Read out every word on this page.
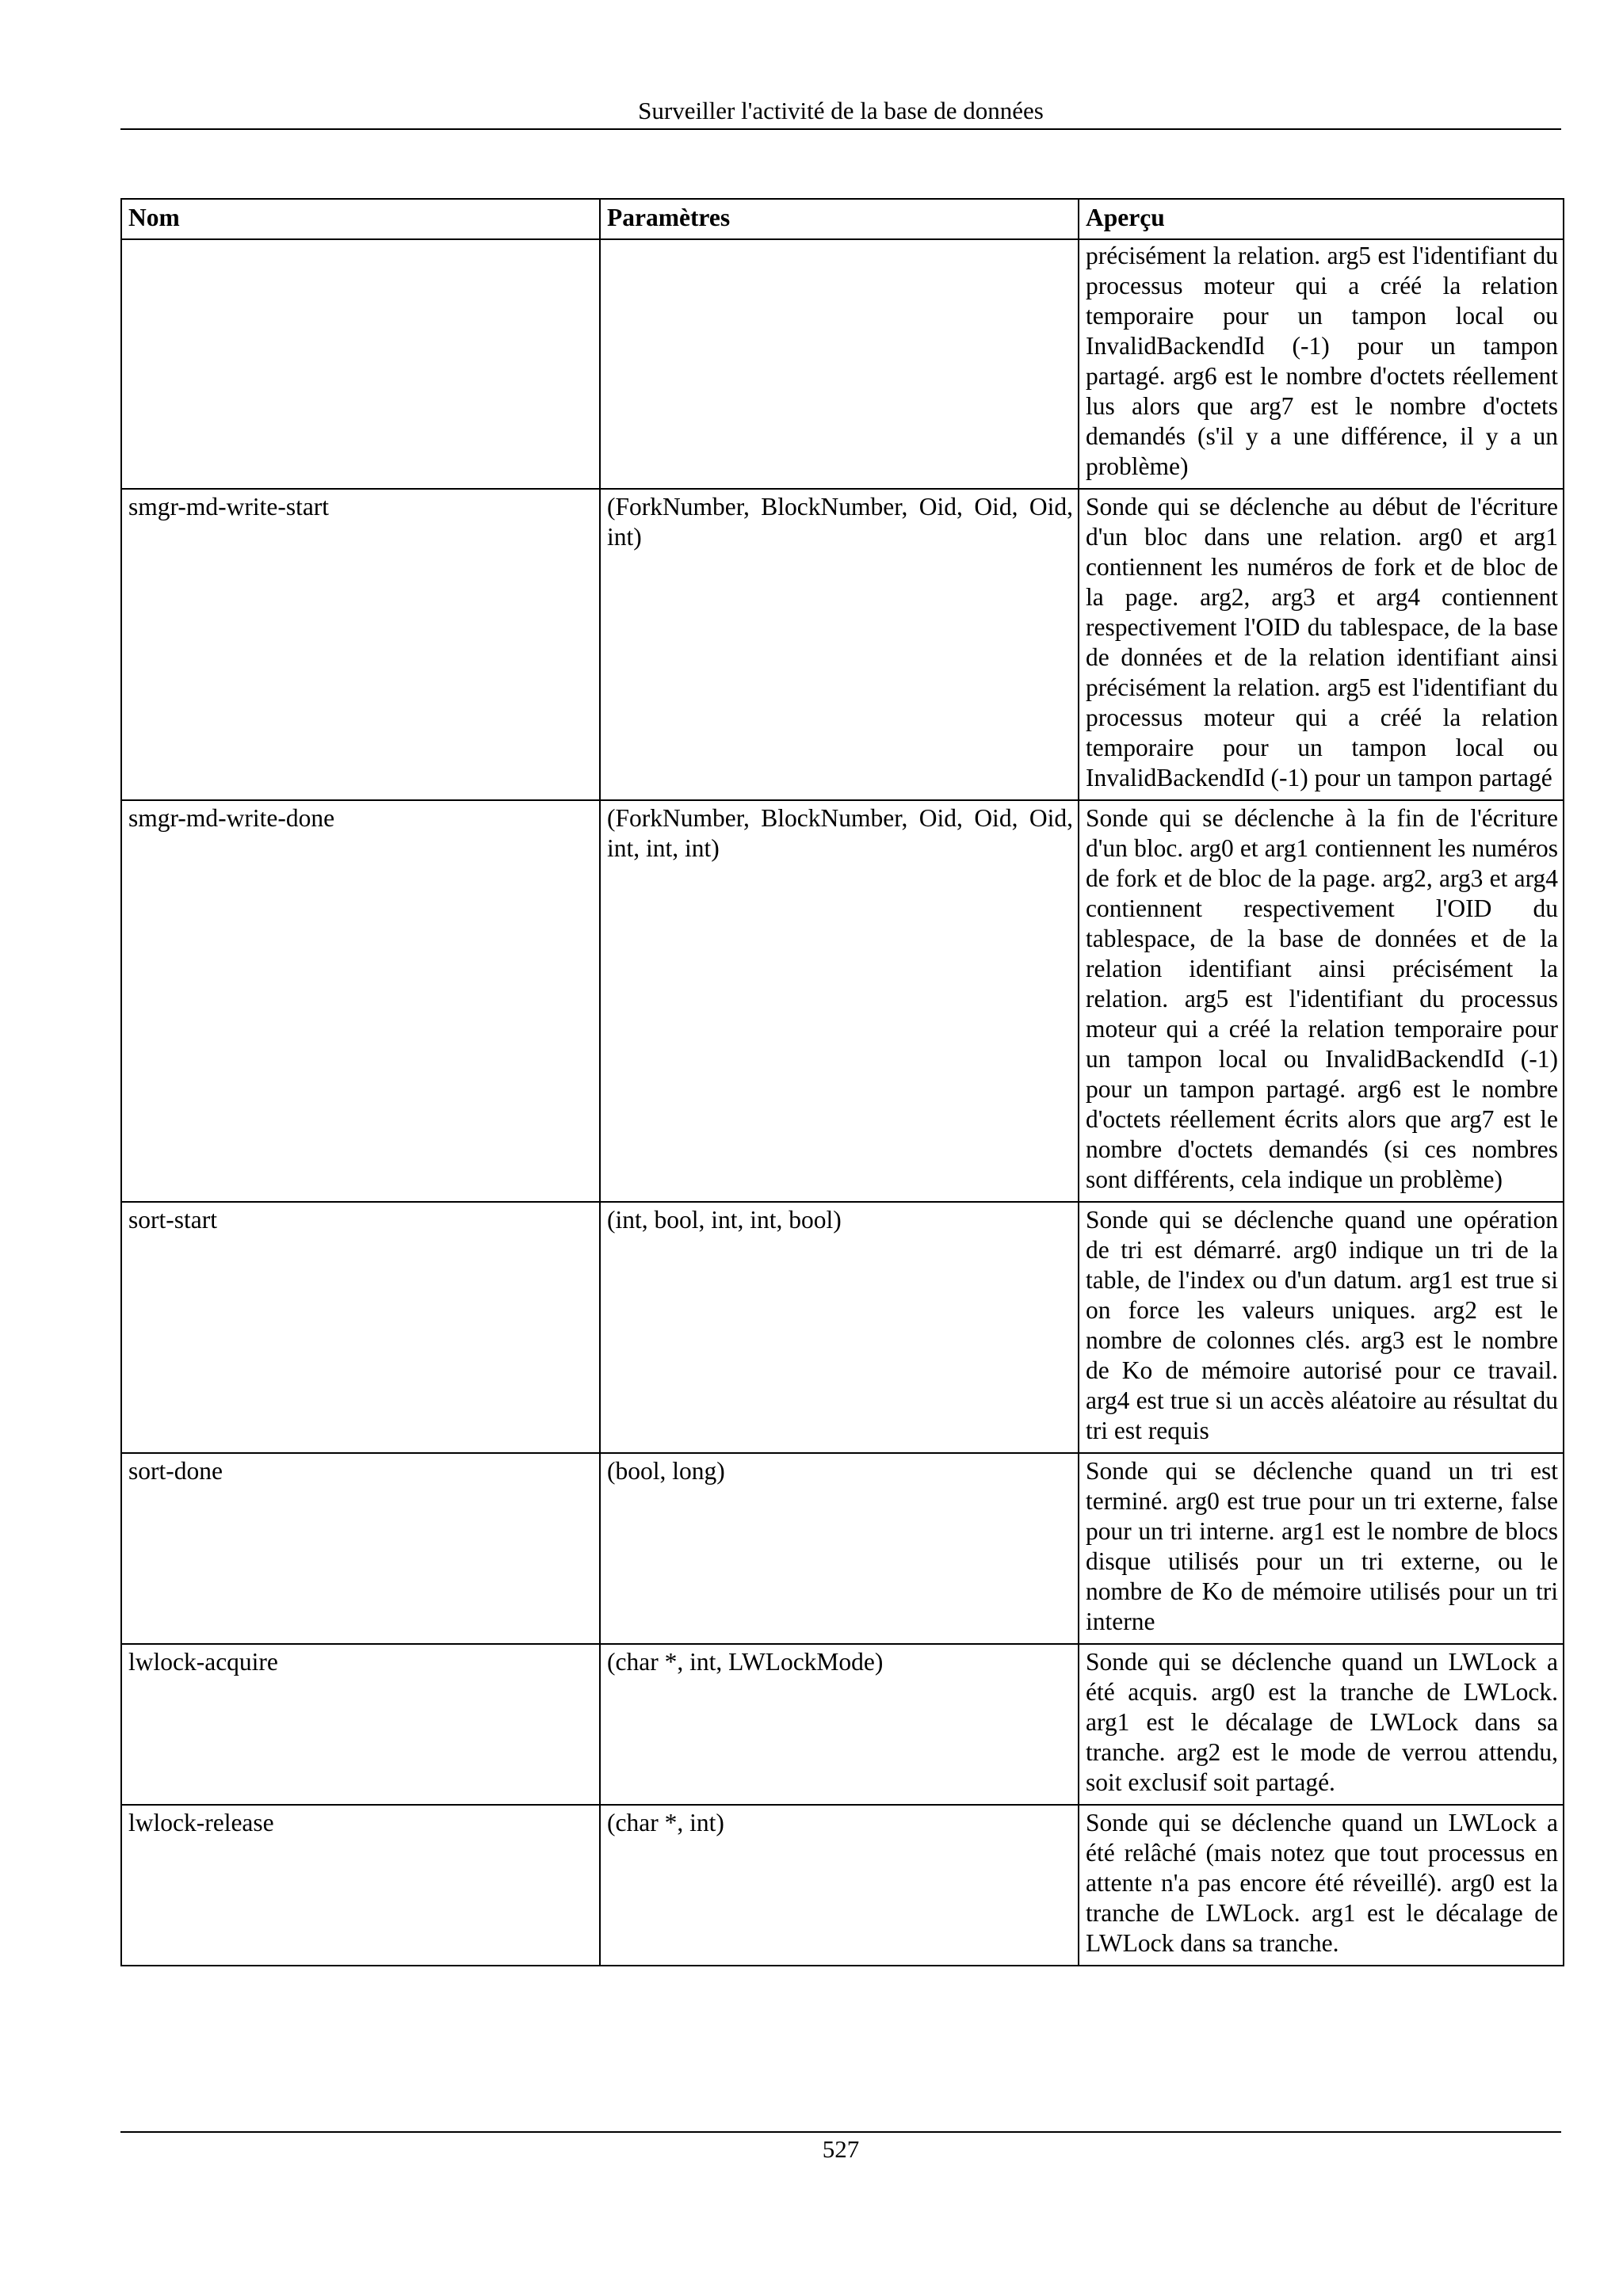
Surveiller l'activité de la base de données
Nom	Paramètres	Aperçu
		précisément la relation. arg5 est l'identifiant du processus moteur qui a créé la relation temporaire pour un tampon local ou InvalidBackendId (-1) pour un tampon partagé. arg6 est le nombre d'octets réellement lus alors que arg7 est le nombre d'octets demandés (s'il y a une différence, il y a un problème)
smgr-md-write-start	(ForkNumber, BlockNumber, Oid, Oid, Oid, int)	Sonde qui se déclenche au début de l'écriture d'un bloc dans une relation. arg0 et arg1 contiennent les numéros de fork et de bloc de la page. arg2, arg3 et arg4 contiennent respectivement l'OID du tablespace, de la base de données et de la relation identifiant ainsi précisément la relation. arg5 est l'identifiant du processus moteur qui a créé la relation temporaire pour un tampon local ou InvalidBackendId (-1) pour un tampon partagé
smgr-md-write-done	(ForkNumber, BlockNumber, Oid, Oid, Oid, int, int, int)	Sonde qui se déclenche à la fin de l'écriture d'un bloc. arg0 et arg1 contiennent les numéros de fork et de bloc de la page. arg2, arg3 et arg4 contiennent respectivement l'OID du tablespace, de la base de données et de la relation identifiant ainsi précisément la relation. arg5 est l'identifiant du processus moteur qui a créé la relation temporaire pour un tampon local ou InvalidBackendId (-1) pour un tampon partagé. arg6 est le nombre d'octets réellement écrits alors que arg7 est le nombre d'octets demandés (si ces nombres sont différents, cela indique un problème)
sort-start	(int, bool, int, int, bool)	Sonde qui se déclenche quand une opération de tri est démarré. arg0 indique un tri de la table, de l'index ou d'un datum. arg1 est true si on force les valeurs uniques. arg2 est le nombre de colonnes clés. arg3 est le nombre de Ko de mémoire autorisé pour ce travail. arg4 est true si un accès aléatoire au résultat du tri est requis
sort-done	(bool, long)	Sonde qui se déclenche quand un tri est terminé. arg0 est true pour un tri externe, false pour un tri interne. arg1 est le nombre de blocs disque utilisés pour un tri externe, ou le nombre de Ko de mémoire utilisés pour un tri interne
lwlock-acquire	(char *, int, LWLockMode)	Sonde qui se déclenche quand un LWLock a été acquis. arg0 est la tranche de LWLock. arg1 est le décalage de LWLock dans sa tranche. arg2 est le mode de verrou attendu, soit exclusif soit partagé.
lwlock-release	(char *, int)	Sonde qui se déclenche quand un LWLock a été relâché (mais notez que tout processus en attente n'a pas encore été réveillé). arg0 est la tranche de LWLock. arg1 est le décalage de LWLock dans sa tranche.
527
